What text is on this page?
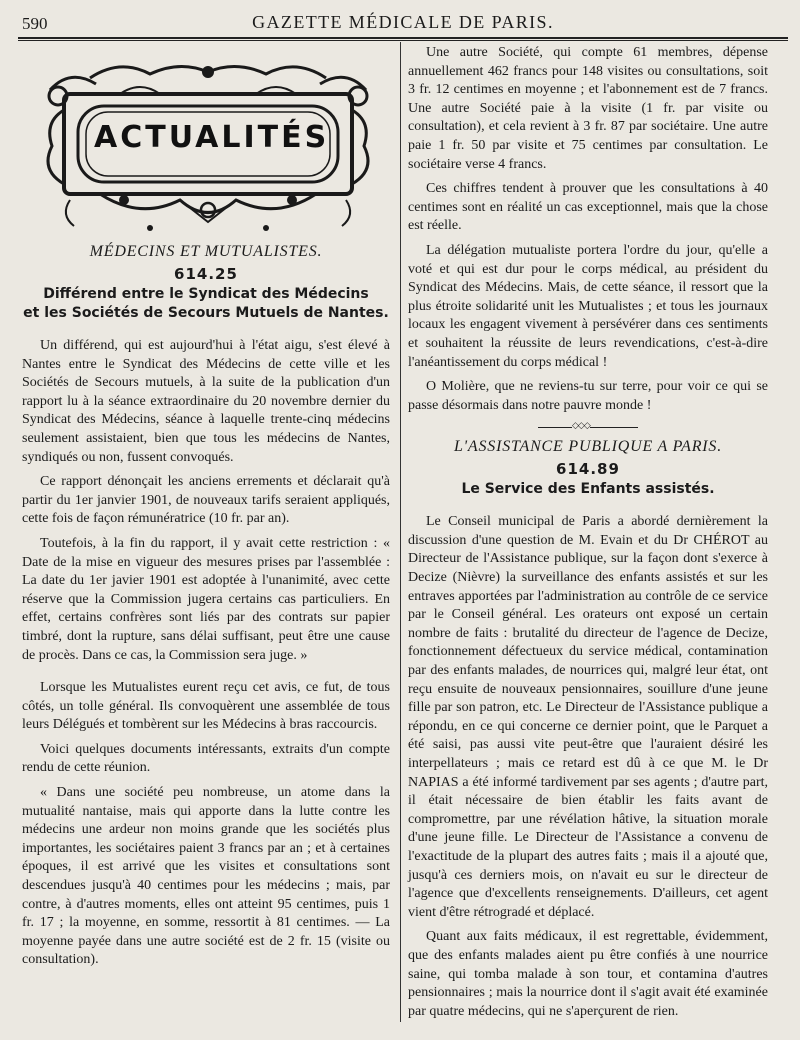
590	GAZETTE MÉDICALE DE PARIS.
ACTUALITÉS
MÉDECINS ET MUTUALISTES.
614.25
Différend entre le Syndicat des Médecins
et les Sociétés de Secours Mutuels de Nantes.

Un différend, qui est aujourd'hui à l'état aigu, s'est élevé à Nantes entre le Syndicat des Médecins de cette ville et les Sociétés de Secours mutuels, à la suite de la publication d'un rapport lu à la séance extraordinaire du 20 novembre dernier du Syndicat des Médecins, séance à laquelle trente-cinq médecins seulement assistaient, bien que tous les médecins de Nantes, syndiqués ou non, fussent convoqués.

Ce rapport dénonçait les anciens errements et déclarait qu'à partir du 1er janvier 1901, de nouveaux tarifs seraient appliqués, cette fois de façon rémunératrice (10 fr. par an).

Toutefois, à la fin du rapport, il y avait cette restriction : « Date de la mise en vigueur des mesures prises par l'assemblée : La date du 1er javier 1901 est adoptée à l'unanimité, avec cette réserve que la Commission jugera certains cas particuliers. En effet, certains confrères sont liés par des contrats sur papier timbré, dont la rupture, sans délai suffisant, peut être une cause de procès. Dans ce cas, la Commission sera juge. »

Lorsque les Mutualistes eurent reçu cet avis, ce fut, de tous côtés, un tolle général. Ils convoquèrent une assemblée de tous leurs Délégués et tombèrent sur les Médecins à bras raccourcis.

Voici quelques documents intéressants, extraits d'un compte rendu de cette réunion.

« Dans une société peu nombreuse, un atome dans la mutualité nantaise, mais qui apporte dans la lutte contre les médecins une ardeur non moins grande que les sociétés plus importantes, les sociétaires paient 3 francs par an ; et à certaines époques, il est arrivé que les visites et consultations sont descendues jusqu'à 40 centimes pour les médecins ; mais, par contre, à d'autres moments, elles ont atteint 95 centimes, puis 1 fr. 17 ; la moyenne, en somme, ressortit à 81 centimes. — La moyenne payée dans une autre société est de 2 fr. 15 (visite ou consultation).

Une autre Société, qui compte 61 membres, dépense annuellement 462 francs pour 148 visites ou consultations, soit 3 fr. 12 centimes en moyenne ; et l'abonnement est de 7 francs. Une autre Société paie à la visite (1 fr. par visite ou consultation), et cela revient à 3 fr. 87 par sociétaire. Une autre paie 1 fr. 50 par visite et 75 centimes par consultation. Le sociétaire verse 4 francs.

Ces chiffres tendent à prouver que les consultations à 40 centimes sont en réalité un cas exceptionnel, mais que la chose est réelle.

La délégation mutualiste portera l'ordre du jour, qu'elle a voté et qui est dur pour le corps médical, au président du Syndicat des Médecins. Mais, de cette séance, il ressort que la plus étroite solidarité unit les Mutualistes ; et tous les journaux locaux les engagent vivement à persévérer dans ces sentiments et souhaitent la réussite de leurs revendications, c'est-à-dire l'anéantissement du corps médical !

O Molière, que ne reviens-tu sur terre, pour voir ce qui se passe désormais dans notre pauvre monde !

◇◇◇
L'ASSISTANCE PUBLIQUE A PARIS.
614.89
Le Service des Enfants assistés.

Le Conseil municipal de Paris a abordé dernièrement la discussion d'une question de M. Evain et du Dr CHÉROT au Directeur de l'Assistance publique, sur la façon dont s'exerce à Decize (Nièvre) la surveillance des enfants assistés et sur les entraves apportées par l'administration au contrôle de ce service par le Conseil général. Les orateurs ont exposé un certain nombre de faits : brutalité du directeur de l'agence de Decize, fonctionnement défectueux du service médical, contamination par des enfants malades, de nourrices qui, malgré leur état, ont reçu ensuite de nouveaux pensionnaires, souillure d'une jeune fille par son patron, etc. Le Directeur de l'Assistance publique a répondu, en ce qui concerne ce dernier point, que le Parquet a été saisi, pas aussi vite peut-être que l'auraient désiré les interpellateurs ; mais ce retard est dû à ce que M. le Dr NAPIAS a été informé tardivement par ses agents ; d'autre part, il était nécessaire de bien établir les faits avant de compromettre, par une révélation hâtive, la situation morale d'une jeune fille. Le Directeur de l'Assistance a convenu de l'exactitude de la plupart des autres faits ; mais il a ajouté que, jusqu'à ces derniers mois, on n'avait eu sur le directeur de l'agence que d'excellents renseignements. D'ailleurs, cet agent vient d'être rétrogradé et déplacé.

Quant aux faits médicaux, il est regrettable, évidemment, que des enfants malades aient pu être confiés à une nourrice saine, qui tomba malade à son tour, et contamina d'autres pensionnaires ; mais la nourrice dont il s'agit avait été examinée par quatre médecins, qui ne s'aperçurent de rien.
